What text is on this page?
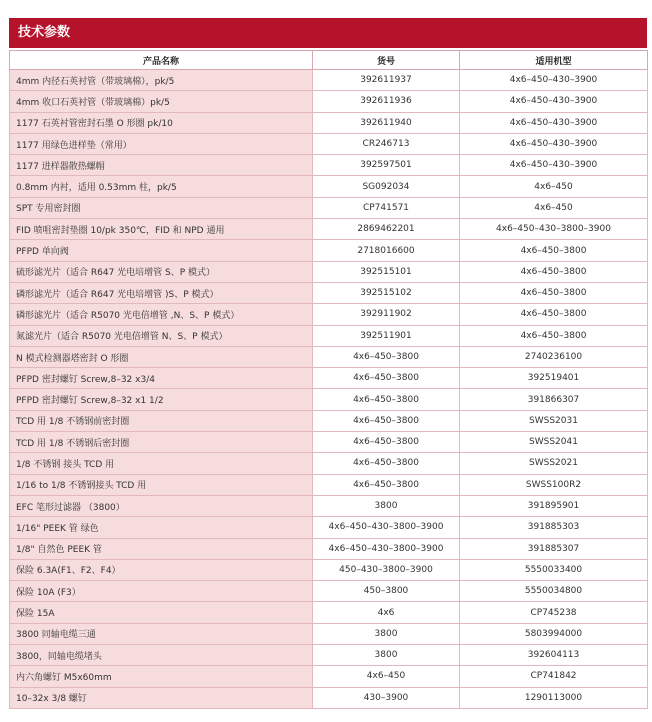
技术参数
产品名称	货号	适用机型
4mm 内径石英衬管（带玻璃棉），pk/5	392611937	4x6–450–430–3900
4mm 收口石英衬管（带玻璃棉）pk/5	392611936	4x6–450–430–3900
1177 石英衬管密封石墨 O 形圈 pk/10	392611940	4x6–450–430–3900
1177 用绿色进样垫（常用）	CR246713	4x6–450–430–3900
1177 进样器散热螺帽	392597501	4x6–450–430–3900
0.8mm 内衬，适用 0.53mm 柱，pk/5	SG092034	4x6–450
SPT 专用密封圈	CP741571	4x6–450
FID 喷咀密封垫圈 10/pk 350℃，FID 和 NPD 通用	2869462201	4x6–450–430–3800–3900
PFPD 单向阀	2718016600	4x6–450–3800
硫形滤光片（适合 R647 光电培增管 S、P 模式）	392515101	4x6–450–3800
磷形滤光片（适合 R647 光电培增管 )S、P 模式）	392515102	4x6–450–3800
磷形滤光片（适合 R5070 光电倍增管 ,N、S、P 模式）	392911902	4x6–450–3800
氮滤光片（适合 R5070 光电倍增管 N、S、P 模式）	392511901	4x6–450–3800
N 模式检测器塔密封 O 形圈	4x6–450–3800	2740236100
PFPD 密封螺钉 Screw,8–32 x3/4	4x6–450–3800	392519401
PFPD 密封螺钉 Screw,8–32 x1 1/2	4x6–450–3800	391866307
TCD 用 1/8 不锈钢前密封圈	4x6–450–3800	SWSS2031
TCD 用 1/8 不锈钢后密封圈	4x6–450–3800	SWSS2041
1/8 不锈钢 接头 TCD 用	4x6–450–3800	SWSS2021
1/16 to 1/8 不锈钢接头 TCD 用	4x6–450–3800	SWSS100R2
EFC 笔形过滤器 （3800）	3800	391895901
1/16" PEEK 管 绿色	4x6–450–430–3800–3900	391885303
1/8" 自然色 PEEK 管	4x6–450–430–3800–3900	391885307
保险 6.3A(F1、F2、F4）	450–430–3800–3900	5550033400
保险 10A (F3）	450–3800	5550034800
保险 15A	4x6	CP745238
3800 同轴电缆三通	3800	5803994000
3800，同轴电缆堵头	3800	392604113
内六角螺钉 M5x60mm	4x6–450	CP741842
10–32x 3/8 螺钉	430–3900	1290113000
